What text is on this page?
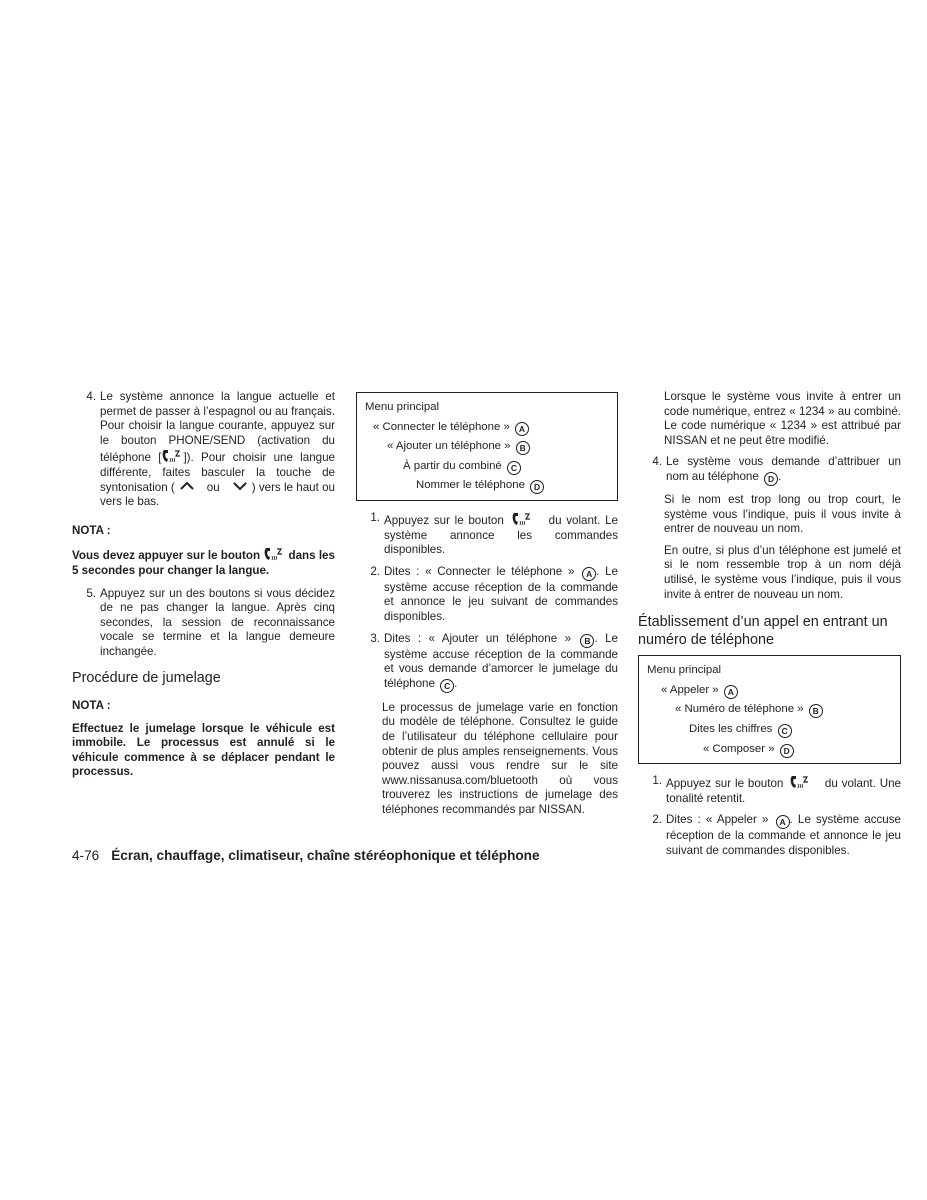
4. Le système annonce la langue actuelle et permet de passer à l’espagnol ou au français. Pour choisir la langue courante, appuyez sur le bouton PHONE/SEND (activation du téléphone [ ]). Pour choisir une langue différente, faites basculer la touche de syntonisation (	ou	) vers le haut ou vers le bas.
NOTA :
Vous devez appuyer sur le bouton dans les 5 secondes pour changer la langue.
5. Appuyez sur un des boutons si vous décidez de ne pas changer la langue. Après cinq secondes, la session de reconnaissance vocale se termine et la langue demeure inchangée.
Procédure de jumelage
NOTA :
Effectuez le jumelage lorsque le véhicule est immobile. Le processus est annulé si le véhicule commence à se déplacer pendant le processus.
Menu principal
« Connecter le téléphone » A
« Ajouter un téléphone » B
À partir du combiné C
Nommer le téléphone D
1. Appuyez sur le bouton	du volant. Le système annonce les commandes disponibles.
2. Dites : « Connecter le téléphone » A . Le système accuse réception de la commande et annonce le jeu suivant de commandes disponibles.
3. Dites : « Ajouter un téléphone » B . Le système accuse réception de la commande et vous demande d’amorcer le jumelage du téléphone C .
Le processus de jumelage varie en fonction du modèle de téléphone. Consultez le guide de l’utilisateur du téléphone cellulaire pour obtenir de plus amples renseignements. Vous pouvez aussi vous rendre sur le site www.nissanusa.com/bluetooth où vous trouverez les instructions de jumelage des téléphones recommandés par NISSAN.
Lorsque le système vous invite à entrer un code numérique, entrez « 1234 » au combiné. Le code numérique « 1234 » est attribué par NISSAN et ne peut être modifié.
4. Le système vous demande d’attribuer un nom au téléphone D .
Si le nom est trop long ou trop court, le système vous l’indique, puis il vous invite à entrer de nouveau un nom.
En outre, si plus d’un téléphone est jumelé et si le nom ressemble trop à un nom déjà utilisé, le système vous l’indique, puis il vous invite à entrer de nouveau un nom.
Établissement d’un appel en entrant un numéro de téléphone
Menu principal
« Appeler » A
« Numéro de téléphone » B
Dites les chiffres C
« Composer » D
1. Appuyez sur le bouton	du volant. Une tonalité retentit.
2. Dites : « Appeler » A . Le système accuse réception de la commande et annonce le jeu suivant de commandes disponibles.
4-76 Écran, chauffage, climatiseur, chaîne stéréophonique et téléphone
